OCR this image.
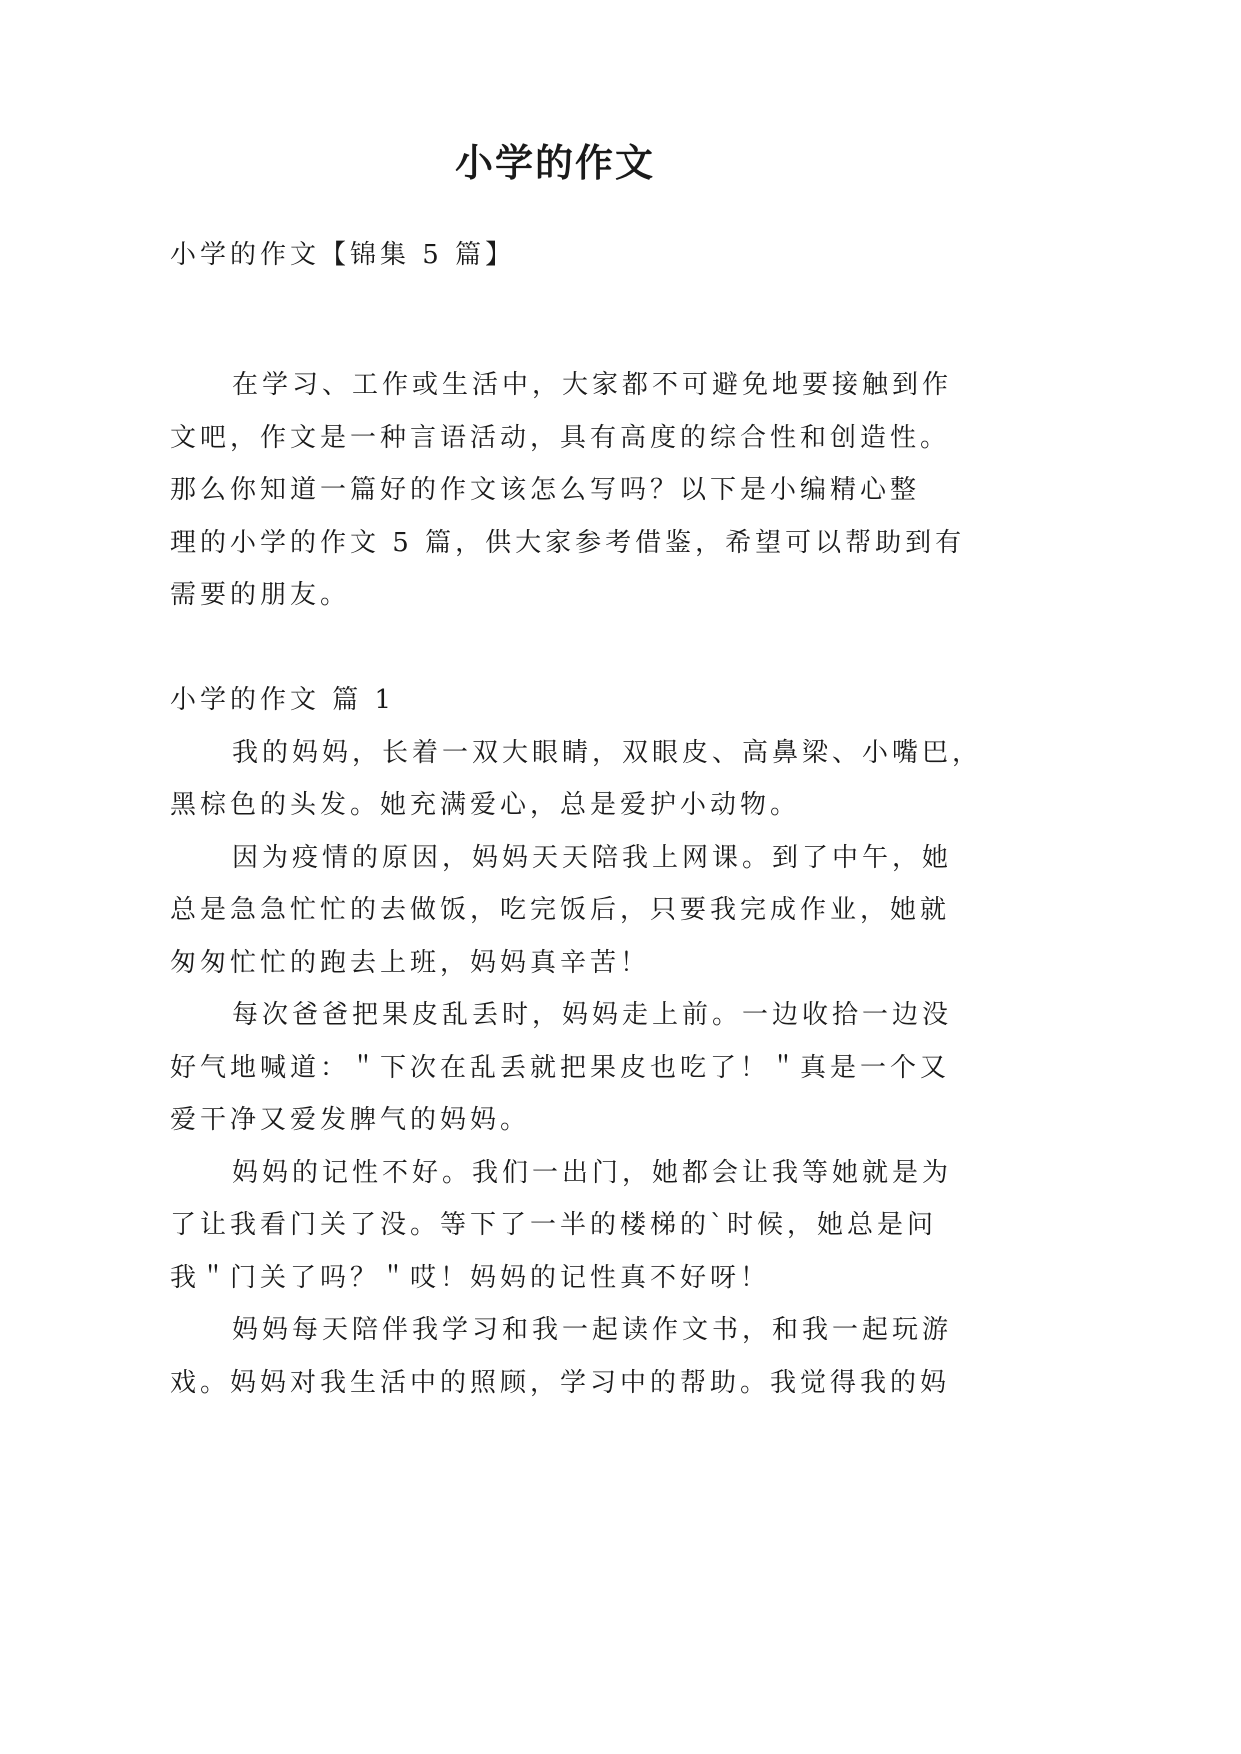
小学的作文
小学的作文【锦集 5 篇】
在学习、工作或生活中，大家都不可避免地要接触到作
文吧，作文是一种言语活动，具有高度的综合性和创造性。
那么你知道一篇好的作文该怎么写吗？以下是小编精心整
理的小学的作文 5 篇，供大家参考借鉴，希望可以帮助到有
需要的朋友。
小学的作文 篇 1
我的妈妈，长着一双大眼睛，双眼皮、高鼻梁、小嘴巴，
黑棕色的头发。她充满爱心，总是爱护小动物。
因为疫情的原因，妈妈天天陪我上网课。到了中午，她
总是急急忙忙的去做饭，吃完饭后，只要我完成作业，她就
匆匆忙忙的跑去上班，妈妈真辛苦！
每次爸爸把果皮乱丢时，妈妈走上前。一边收拾一边没
好气地喊道：＂下次在乱丢就把果皮也吃了！＂真是一个又
爱干净又爱发脾气的妈妈。
妈妈的记性不好。我们一出门，她都会让我等她就是为
了让我看门关了没。等下了一半的楼梯的`时候，她总是问
我＂门关了吗？＂哎！妈妈的记性真不好呀！
妈妈每天陪伴我学习和我一起读作文书，和我一起玩游
戏。妈妈对我生活中的照顾，学习中的帮助。我觉得我的妈
